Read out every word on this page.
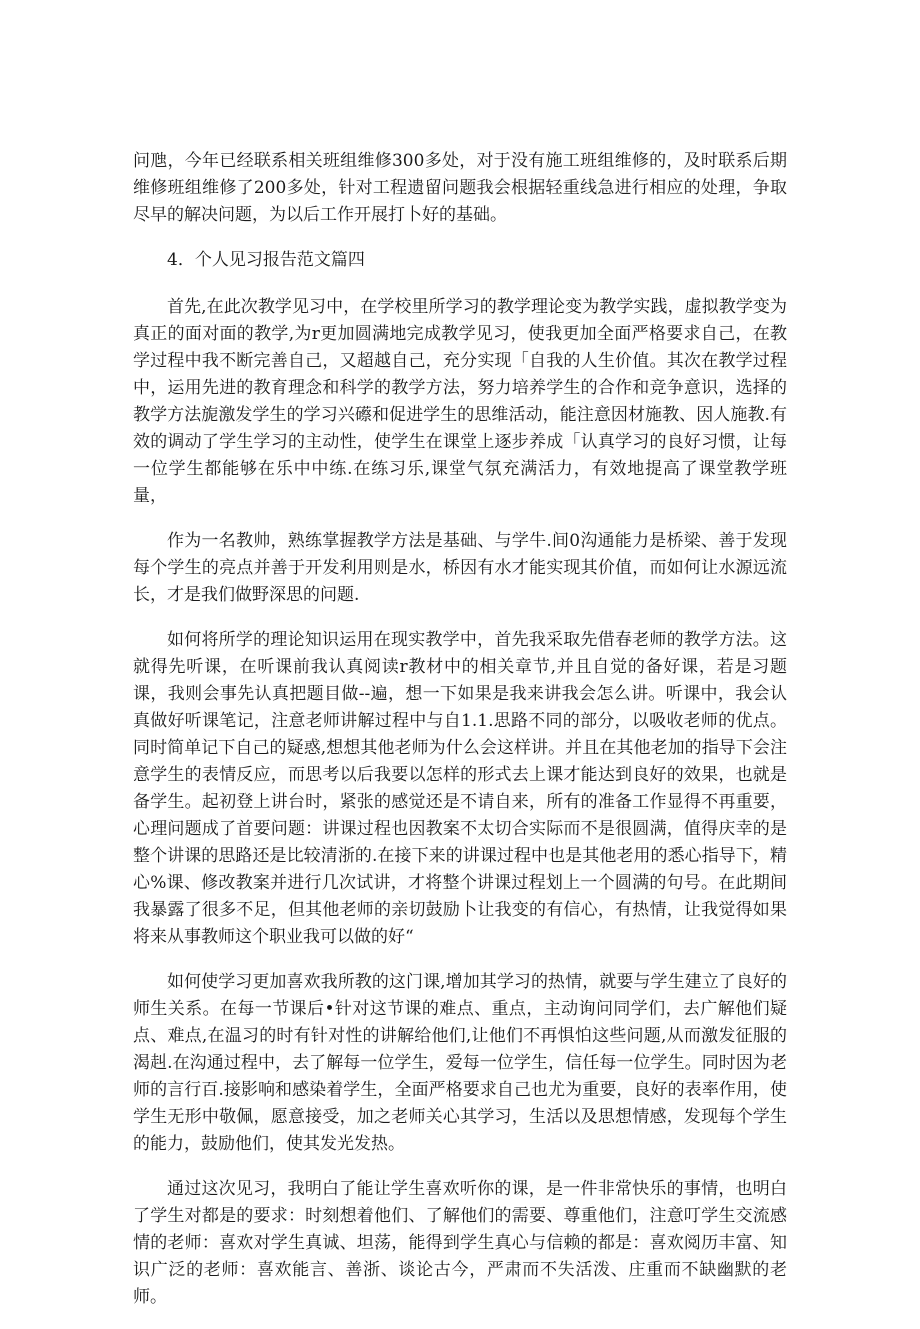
问虺，今年已经联系相关班组维修300多处，对于没有施工班组维修的，及时联系后期维修班组维修了200多处，针对工程遗留问题我会根据轻重线急进行相应的处理，争取尽早的解决问题，为以后工作开展打卜好的基础。

4．个人见习报告范文篇四

首先,在此次教学见习中，在学校里所学习的教学理论变为教学实践，虚拟教学变为真正的面对面的教学,为r更加圆满地完成教学见习，使我更加全面严格要求自己，在教学过程中我不断完善自己，又超越自己，充分实现「自我的人生价值。其次在教学过程中，运用先进的教育理念和科学的教学方法，努力培养学生的合作和竞争意识，选择的教学方法旎激发学生的学习兴礤和促进学生的思维活动，能注意因材施教、因人施教.有效的调动了学生学习的主动性，使学生在课堂上逐步养成「认真学习的良好习惯，让每一位学生都能够在乐中中练.在练习乐,课堂气氛充满活力，有效地提高了课堂教学班量，

作为一名教帅，熟练掌握教学方法是基础、与学牛.间0沟通能力是桥梁、善于发现每个学生的亮点并善于开发利用则是水，桥因有水才能实现其价值，而如何让水源远流长，才是我们做野深思的问题.

如何将所学的理论知识运用在现实教学中，首先我采取先借春老师的教学方法。这就得先听课，在听课前我认真阅读r教材中的相关章节,并且自觉的备好课，若是习题课，我则会事先认真把题目做--遍，想一下如果是我来讲我会怎么讲。听课中，我会认真做好听课笔记，注意老师讲解过程中与自1.1.思路不同的部分，以吸收老师的优点。同时简单记下自己的疑惑,想想其他老师为什么会这样讲。并且在其他老加的指导下会注意学生的表情反应，而思考以后我要以怎样的形式去上课才能达到良好的效果，也就是备学生。起初登上讲台时，紧张的感觉还是不请自来，所有的准备工作显得不再重要，心理问题成了首要问题：讲课过程也因教案不太切合实际而不是很圆满，值得庆幸的是整个讲课的思路还是比较清浙的.在接下来的讲课过程中也是其他老用的悉心指导下，精心%课、修改教案并进行几次试讲，才将整个讲课过程划上一个圆满的句号。在此期间我暴露了很多不足，但其他老师的亲切鼓励卜让我变的有信心，有热情，让我觉得如果将来从事教师这个职业我可以做的好“

如何使学习更加喜欢我所教的这门课,增加其学习的热情，就要与学生建立了良好的师生关系。在每一节课后•针对这节课的难点、重点，主动询问同学们，去广解他们疑点、难点,在温习的时有针对性的讲解给他们,让他们不再惧怕这些问题,从而激发征服的渴赳.在沟通过程中，去了解每一位学生，爱每一位学生，信任每一位学生。同时因为老师的言行百.接影响和感染着学生，全面严格要求自己也尤为重要，良好的表率作用，使学生无形中敬佩，愿意接受，加之老师关心其学习，生活以及思想情感，发现每个学生的能力，鼓励他们，使其发光发热。

通过这次见习，我明白了能让学生喜欢听你的课，是一件非常快乐的事情，也明白了学生对都是的要求：时刻想着他们、了解他们的需要、尊重他们，注意叮学生交流感情的老师：喜欢对学生真诚、坦荡，能得到学生真心与信赖的都是：喜欢阅历丰富、知识广泛的老师：喜欢能言、善浙、谈论古今，严肃而不失活泼、庄重而不缺幽默的老师。
